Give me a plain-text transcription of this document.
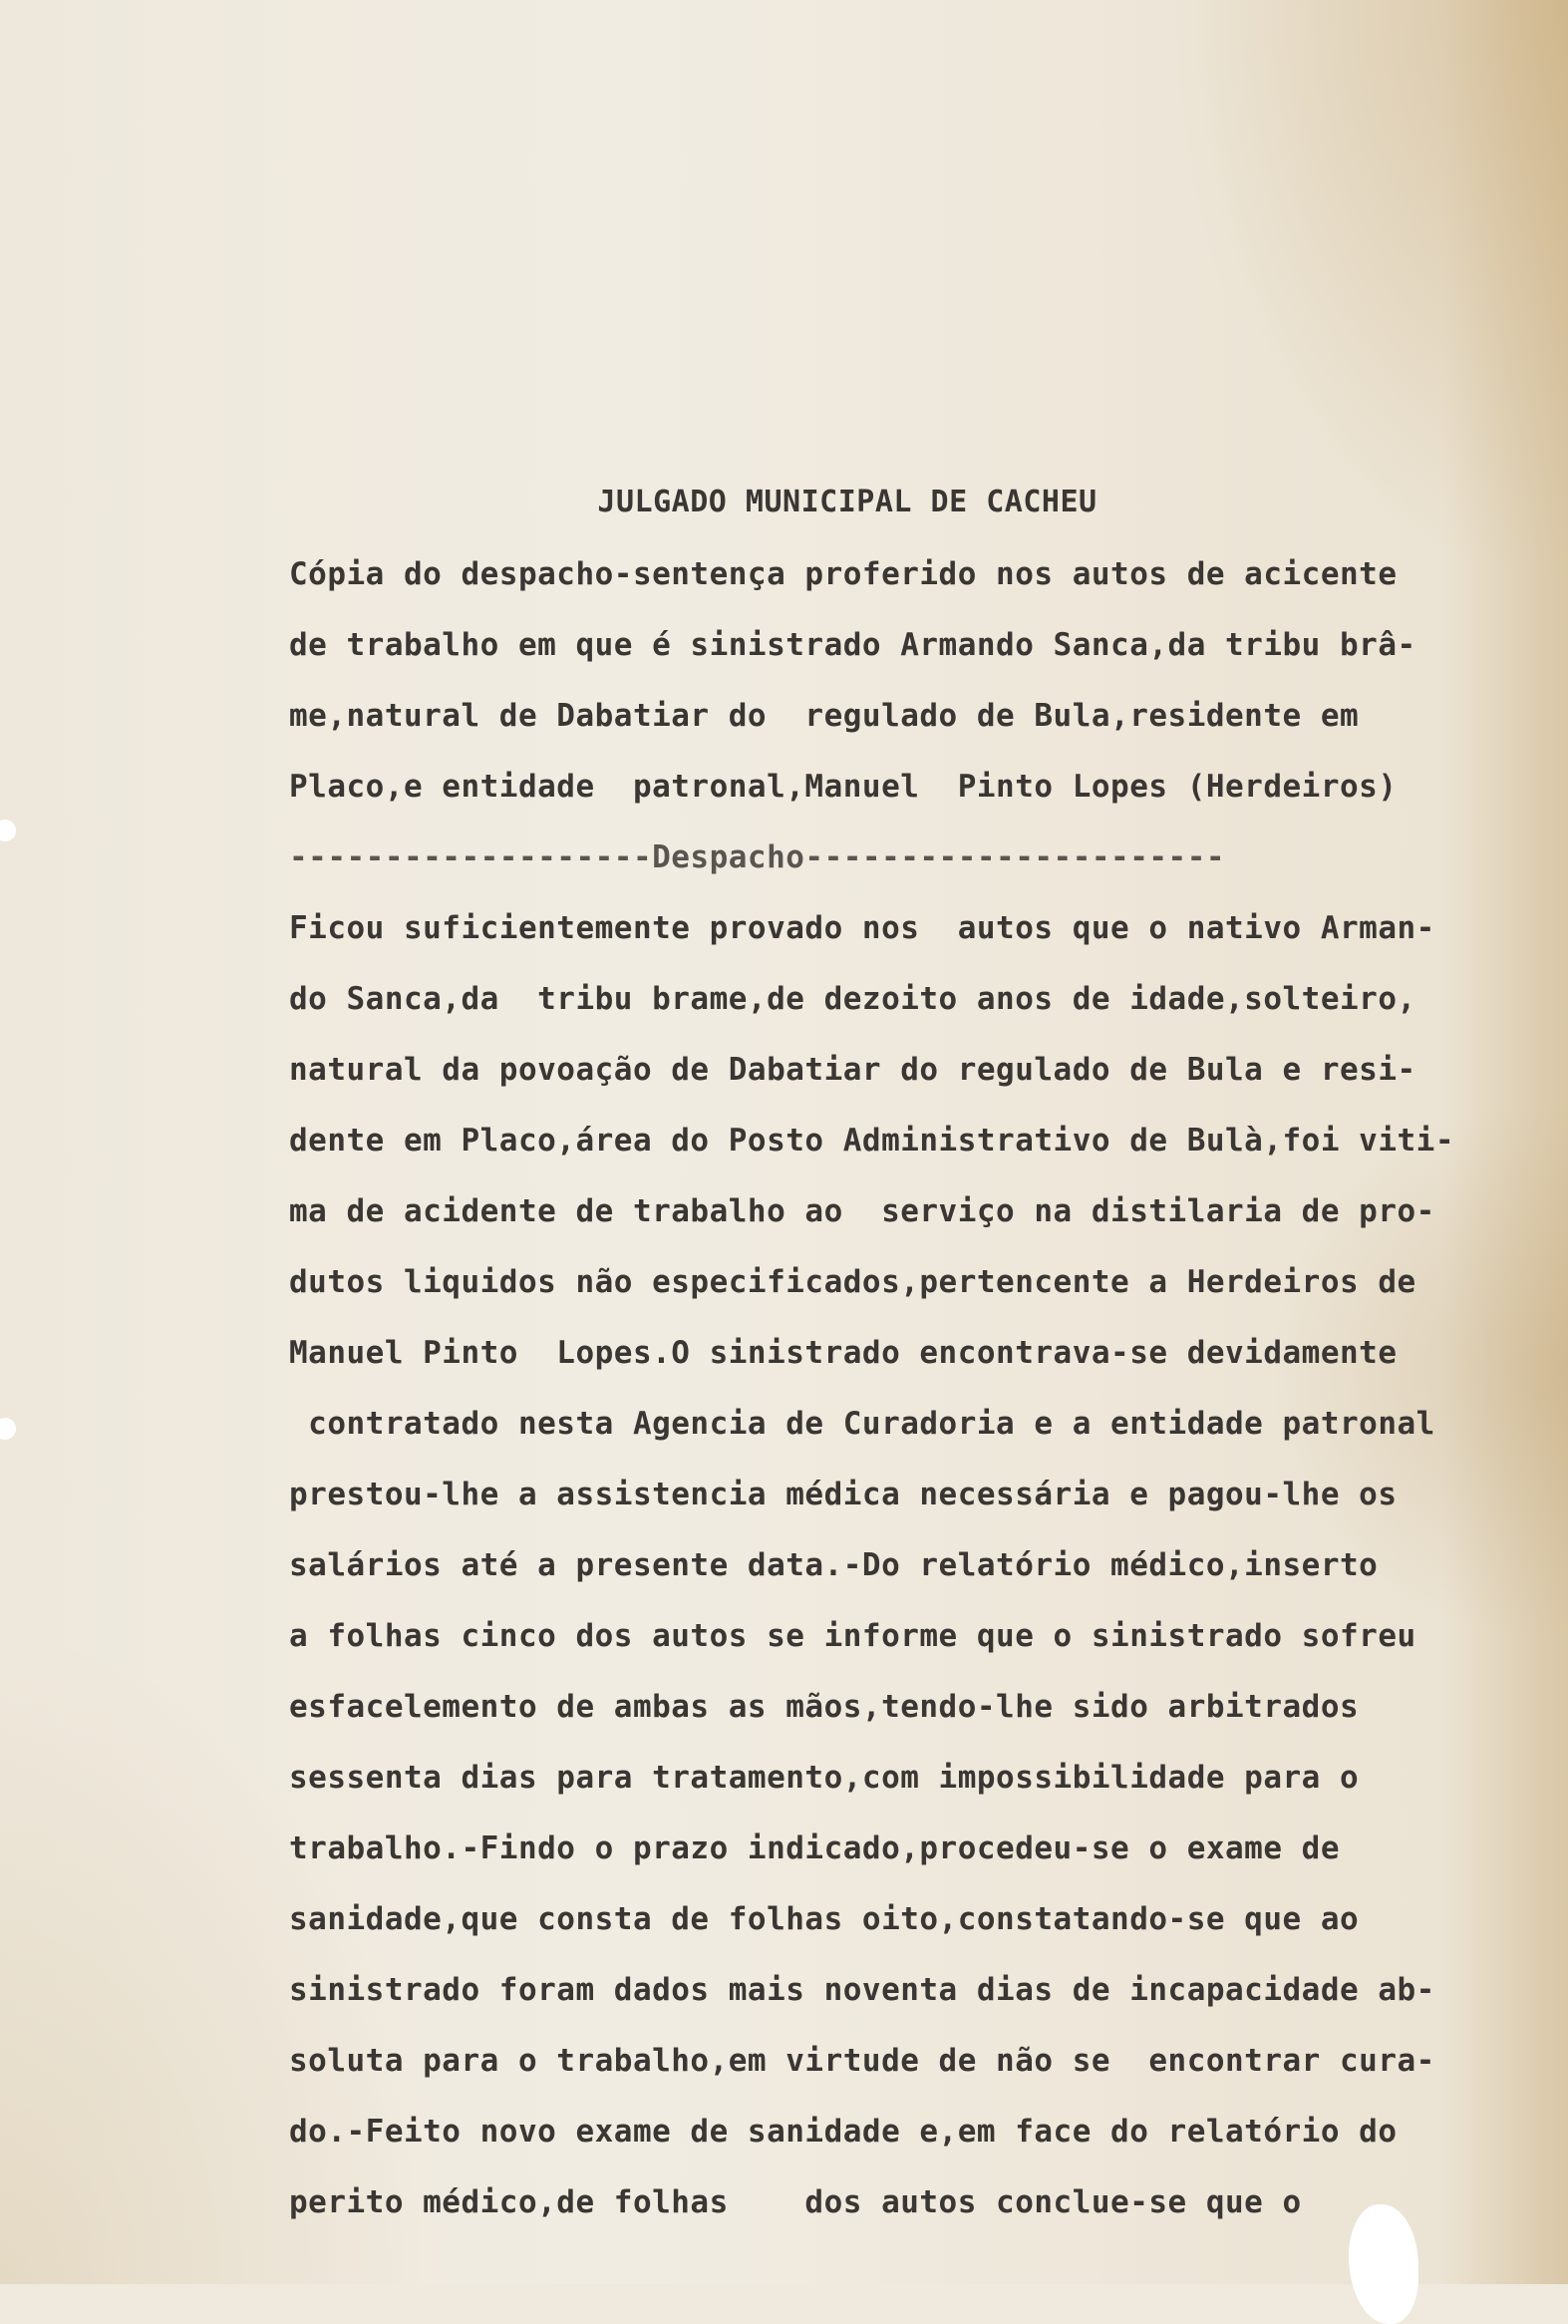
JULGADO MUNICIPAL DE CACHEU
Cópia do despacho-sentença proferido nos autos de acicente
de trabalho em que é sinistrado Armando Sanca,da tribu brâ-
me,natural de Dabatiar do  regulado de Bula,residente em
Placo,e entidade  patronal,Manuel  Pinto Lopes (Herdeiros)
-------------------Despacho----------------------
Ficou suficientemente provado nos  autos que o nativo Arman-
do Sanca,da  tribu brame,de dezoito anos de idade,solteiro,
natural da povoação de Dabatiar do regulado de Bula e resi-
dente em Placo,área do Posto Administrativo de Bulà,foi viti-
ma de acidente de trabalho ao  serviço na distilaria de pro-
dutos liquidos não especificados,pertencente a Herdeiros de
Manuel Pinto  Lopes.O sinistrado encontrava-se devidamente
contratado nesta Agencia de Curadoria e a entidade patronal
prestou-lhe a assistencia médica necessária e pagou-lhe os
salários até a presente data.-Do relatório médico,inserto
a folhas cinco dos autos se informe que o sinistrado sofreu
esfacelemento de ambas as mãos,tendo-lhe sido arbitrados
sessenta dias para tratamento,com impossibilidade para o
trabalho.-Findo o prazo indicado,procedeu-se o exame de
sanidade,que consta de folhas oito,constatando-se que ao
sinistrado foram dados mais noventa dias de incapacidade ab-
soluta para o trabalho,em virtude de não se  encontrar cura-
do.-Feito novo exame de sanidade e,em face do relatório do
perito médico,de folhas    dos autos conclue-se que o
